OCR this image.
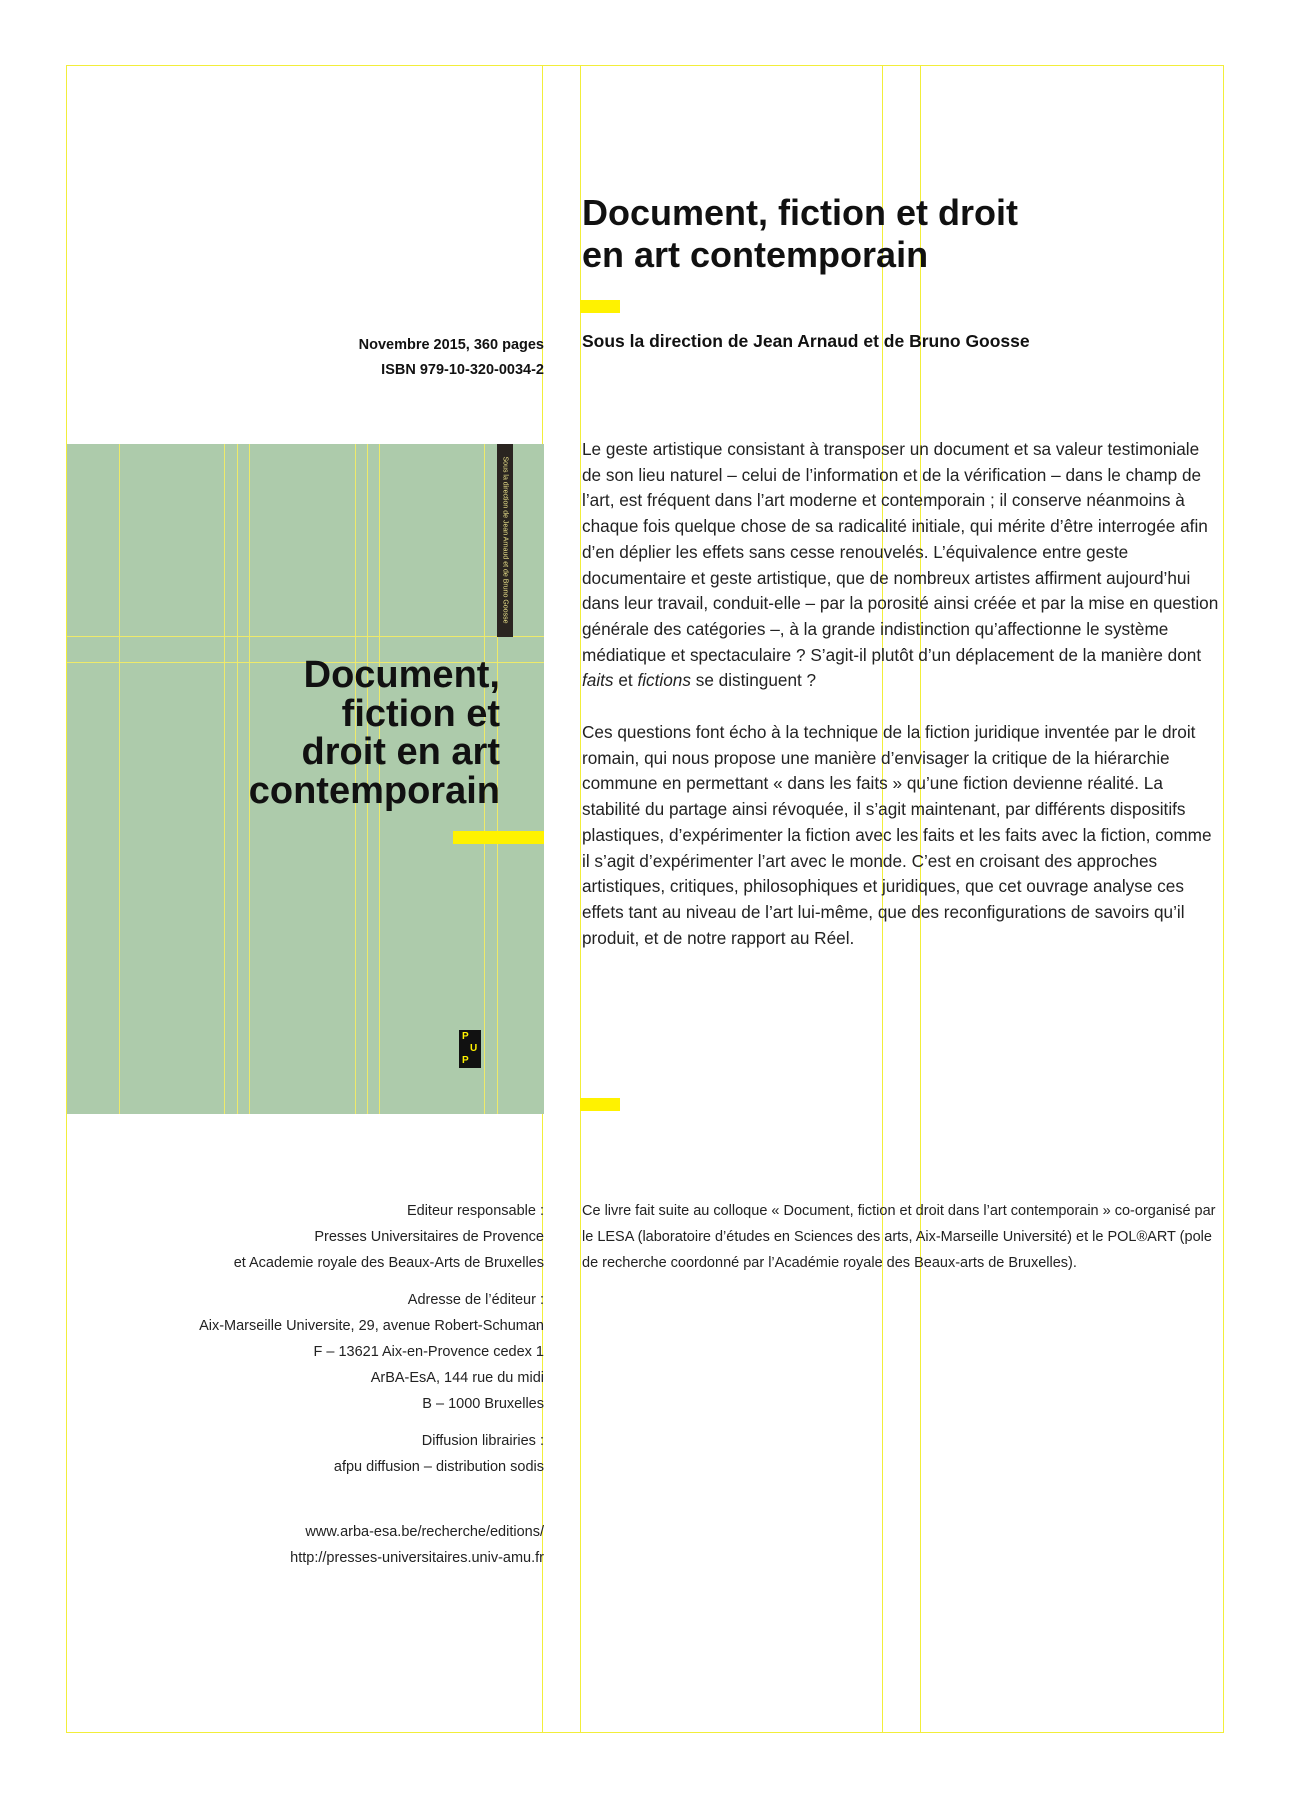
Document, fiction et droit
en art contemporain
Sous la direction de Jean Arnaud et de Bruno Goosse
Novembre 2015, 360 pages
ISBN 979-10-320-0034-2

Le geste artistique consistant à transposer un document et sa valeur testimoniale de son lieu naturel – celui de l’information et de la vérification – dans le champ de l’art, est fréquent dans l’art moderne et contemporain ; il conserve néanmoins à chaque fois quelque chose de sa radicalité initiale, qui mérite d’être interrogée afin d’en déplier les effets sans cesse renouvelés. L’équivalence entre geste documentaire et geste artistique, que de nombreux artistes affirment aujourd’hui dans leur travail, conduit-elle – par la porosité ainsi créée et par la mise en question générale des catégories –, à la grande indistinction qu’affectionne le système médiatique et spectaculaire ? S’agit-il plutôt d’un déplacement de la manière dont faits et fictions se distinguent ?

Ces questions font écho à la technique de la fiction juridique inventée par le droit romain, qui nous propose une manière d’envisager la critique de la hiérarchie commune en permettant « dans les faits » qu’une fiction devienne réalité. La stabilité du partage ainsi révoquée, il s’agit maintenant, par différents dispositifs plastiques, d’expérimenter la fiction avec les faits et les faits avec la fiction, comme il s’agit d’expérimenter l’art avec le monde. C’est en croisant des approches artistiques, critiques, philosophiques et juridiques, que cet ouvrage analyse ces effets tant au niveau de l’art lui-même, que des reconfigurations de savoirs qu’il produit, et de notre rapport au Réel.

Sous la direction de Jean Arnaud et de Bruno Goosse
Document,
fiction et
droit en art
contemporain
P
U
P
Editeur responsable :
Presses Universitaires de Provence
et Academie royale des Beaux-Arts de Bruxelles
Adresse de l’éditeur :
Aix-Marseille Universite, 29, avenue Robert-Schuman
F – 13621 Aix-en-Provence cedex 1
ArBA-EsA, 144 rue du midi
B – 1000 Bruxelles
Diffusion librairies :
afpu diffusion – distribution sodis
www.arba-esa.be/recherche/editions/
http://presses-universitaires.univ-amu.fr
Ce livre fait suite au colloque « Document, fiction et droit dans l’art contemporain » co-organisé par le LESA (laboratoire d’études en Sciences des arts, Aix-Marseille Université) et le POL®ART (pole de recherche coordonné par l’Académie royale des Beaux-arts de Bruxelles).
